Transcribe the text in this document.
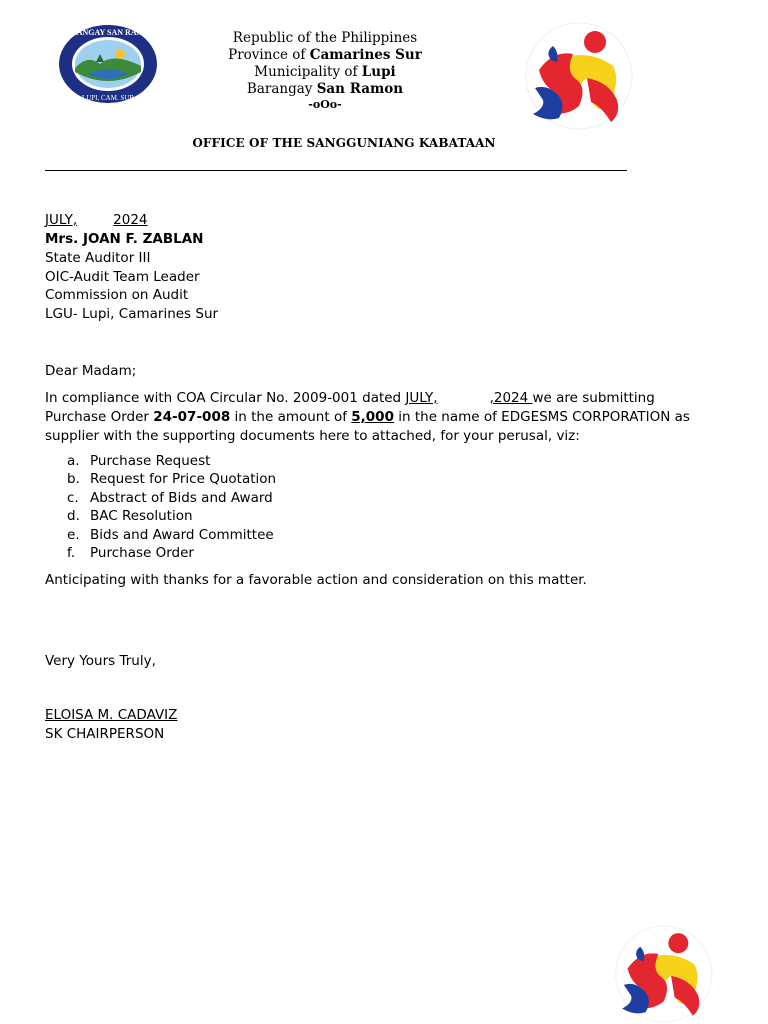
BARANGAY SAN RAMON
LUPI, CAM. SUR
Republic of the Philippines
Province of Camarines Sur
Municipality of Lupi
Barangay San Ramon
-oOo-
OFFICE OF THE SANGGUNIANG KABATAAN
JULY,	2024
Mrs. JOAN F. ZABLAN
State Auditor III
OIC-Audit Team Leader
Commission on Audit
LGU- Lupi, Camarines Sur
Dear Madam;
In compliance with COA Circular No. 2009-001 dated JULY,	,2024 we are submitting
Purchase Order 24-07-008 in the amount of 5,000 in the name of EDGESMS CORPORATION as
supplier with the supporting documents here to attached, for your perusal, viz:
a. Purchase Request
b. Request for Price Quotation
c. Abstract of Bids and Award
d. BAC Resolution
e. Bids and Award Committee
f. Purchase Order
Anticipating with thanks for a favorable action and consideration on this matter.
Very Yours Truly,
ELOISA M. CADAVIZ
SK CHAIRPERSON
